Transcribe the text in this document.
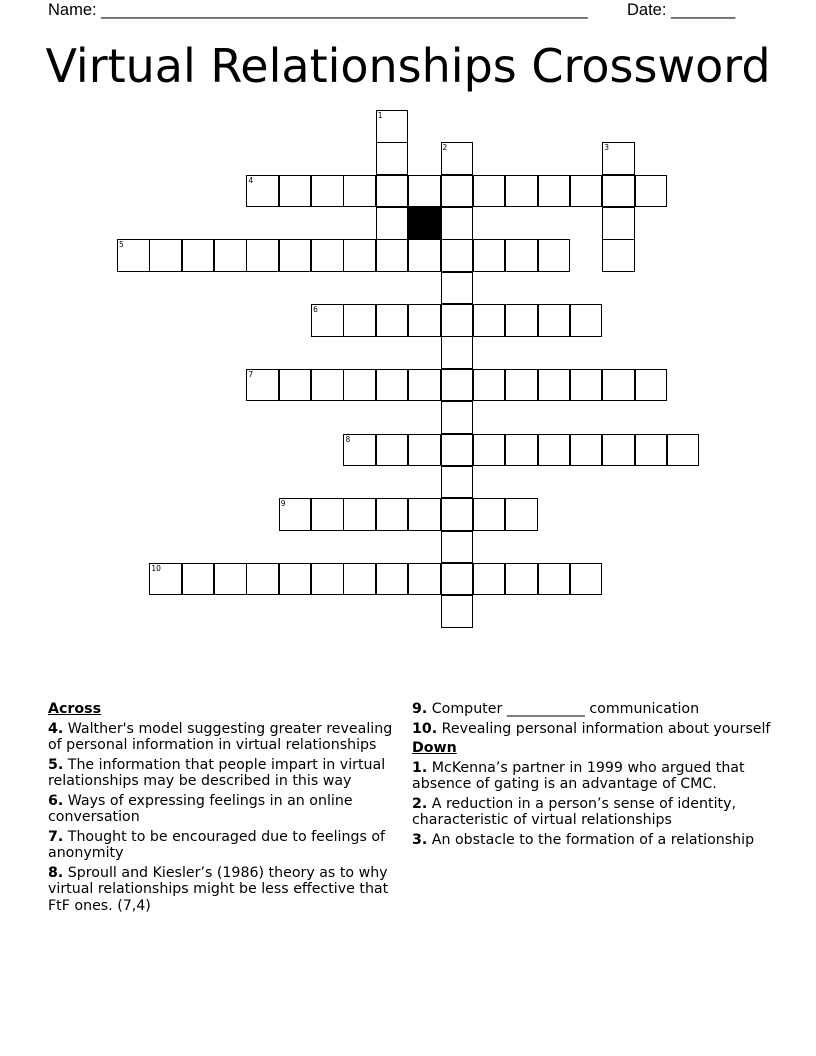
Name: _____________________________________________________ Date: _______
Virtual Relationships Crossword
1
2	3
4
5
6
7
8
9
10
Across
4. Walther's model suggesting greater revealing of personal information in virtual relationships
5. The information that people impart in virtual relationships may be described in this way
6. Ways of expressing feelings in an online conversation
7. Thought to be encouraged due to feelings of anonymity
8. Sproull and Kiesler’s (1986) theory as to why virtual relationships might be less effective that FtF ones. (7,4)
9. Computer ___________ communication
10. Revealing personal information about yourself
Down
1. McKenna’s partner in 1999 who argued that absence of gating is an advantage of CMC.
2. A reduction in a person’s sense of identity, characteristic of virtual relationships
3. An obstacle to the formation of a relationship
